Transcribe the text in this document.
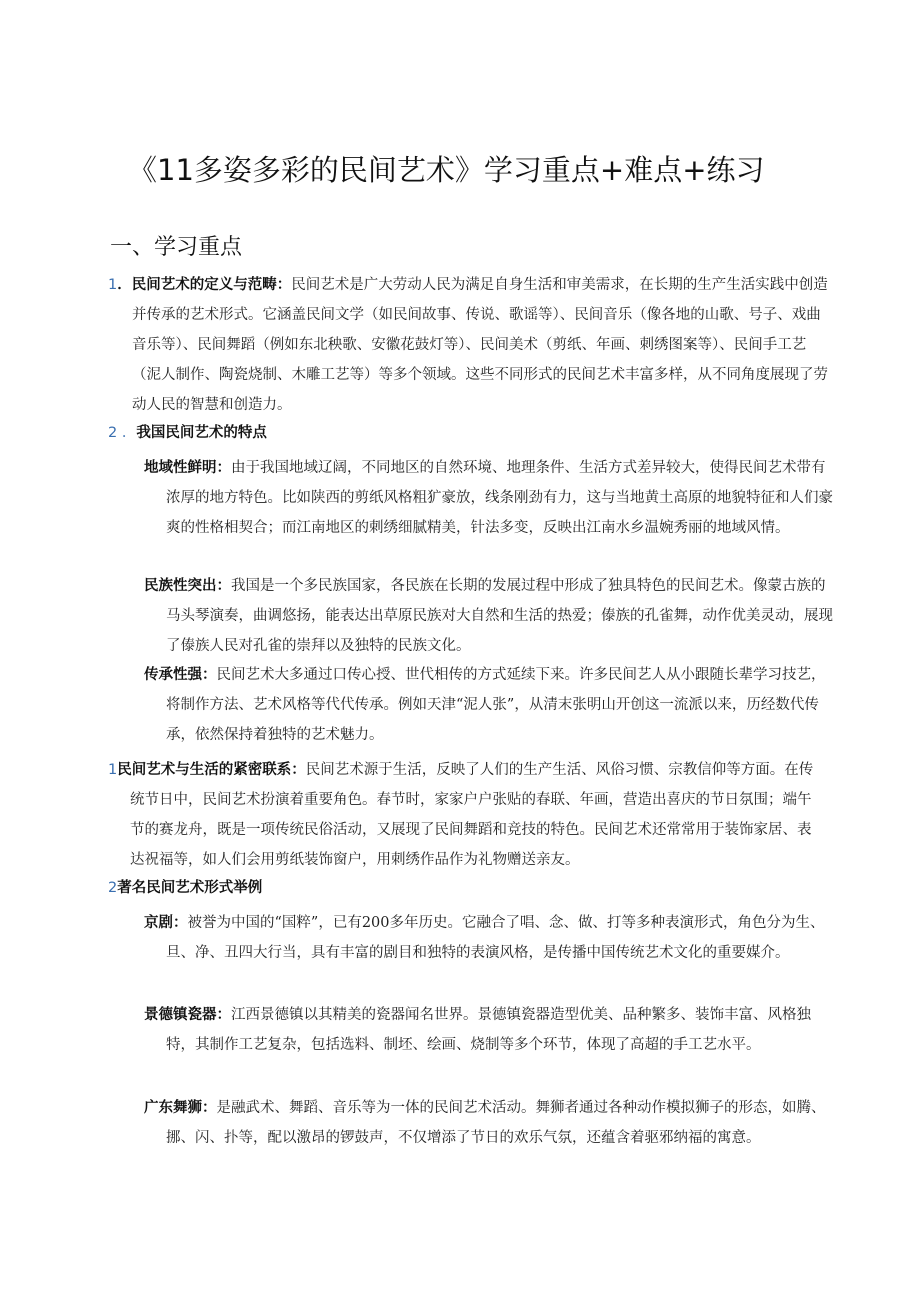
《11多姿多彩的民间艺术》学习重点+难点+练习
一、学习重点

1．民间艺术的定义与范畴：民间艺术是广大劳动人民为满足自身生活和审美需求，在长期的生产生活实践中创造并传承的艺术形式。它涵盖民间文学（如民间故事、传说、歌谣等）、民间音乐（像各地的山歌、号子、戏曲音乐等）、民间舞蹈（例如东北秧歌、安徽花鼓灯等）、民间美术（剪纸、年画、刺绣图案等）、民间手工艺（泥人制作、陶瓷烧制、木雕工艺等）等多个领域。这些不同形式的民间艺术丰富多样，从不同角度展现了劳动人民的智慧和创造力。

2 ．我国民间艺术的特点

地域性鲜明：由于我国地域辽阔，不同地区的自然环境、地理条件、生活方式差异较大，使得民间艺术带有浓厚的地方特色。比如陕西的剪纸风格粗犷豪放，线条刚劲有力，这与当地黄土高原的地貌特征和人们豪爽的性格相契合；而江南地区的刺绣细腻精美，针法多变，反映出江南水乡温婉秀丽的地域风情。

民族性突出：我国是一个多民族国家，各民族在长期的发展过程中形成了独具特色的民间艺术。像蒙古族的马头琴演奏，曲调悠扬，能表达出草原民族对大自然和生活的热爱；傣族的孔雀舞，动作优美灵动，展现了傣族人民对孔雀的崇拜以及独特的民族文化。

传承性强：民间艺术大多通过口传心授、世代相传的方式延续下来。许多民间艺人从小跟随长辈学习技艺，将制作方法、艺术风格等代代传承。例如天津“泥人张”，从清末张明山开创这一流派以来，历经数代传承，依然保持着独特的艺术魅力。

1民间艺术与生活的紧密联系：民间艺术源于生活，反映了人们的生产生活、风俗习惯、宗教信仰等方面。在传统节日中，民间艺术扮演着重要角色。春节时，家家户户张贴的春联、年画，营造出喜庆的节日氛围；端午节的赛龙舟，既是一项传统民俗活动，又展现了民间舞蹈和竞技的特色。民间艺术还常常用于装饰家居、表达祝福等，如人们会用剪纸装饰窗户，用刺绣作品作为礼物赠送亲友。

2著名民间艺术形式举例

京剧：被誉为中国的“国粹”，已有200多年历史。它融合了唱、念、做、打等多种表演形式，角色分为生、旦、净、丑四大行当，具有丰富的剧目和独特的表演风格，是传播中国传统艺术文化的重要媒介。

景德镇瓷器：江西景德镇以其精美的瓷器闻名世界。景德镇瓷器造型优美、品种繁多、装饰丰富、风格独特，其制作工艺复杂，包括选料、制坯、绘画、烧制等多个环节，体现了高超的手工艺水平。

广东舞狮：是融武术、舞蹈、音乐等为一体的民间艺术活动。舞狮者通过各种动作模拟狮子的形态，如腾、挪、闪、扑等，配以激昂的锣鼓声，不仅增添了节日的欢乐气氛，还蕴含着驱邪纳福的寓意。
